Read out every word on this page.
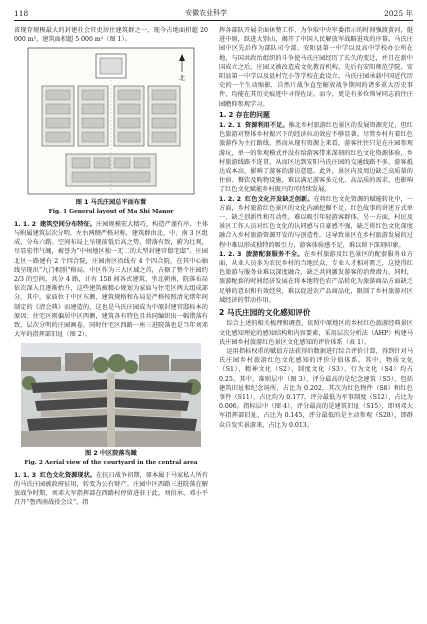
118	安徽农业科学	2025 年

省现存规模最大的封建社会官吏居住建筑群之一，现今占地面积超 20 000 m²，建筑面积超 5 000 m²（图 1）。

北
图 1 马氏庄园总平面布置
Fig. 1 General layout of Ma Shi Manor

1. 1. 2 建筑空间分布特征。庄园规模宏大精巧，构造严谨有序，主体与附属建筑层次分明，左右两侧严格对称，建筑群由北、中、南 3 区组成，分布六路。空间布局上呈现前低后高之势，错落有致，蔚为壮观，尽显宏伟气魄，被誉为“中州地区独一无二的大型封建官僚宅邸”。庄园北区一路建有 2 个四合院，庄园南区沿线有 4 个四合院，在其中心轴线呈现出“九门相照”格局。中区作为三大区域之首，占据了整个庄园约 2/3 的空间，共分 4 路，计有 158 间各式建筑，坐北朝南，院落布局依次深入且逐渐抬升，这些建筑被精心规划为家庙与住宅区两大组成部分。其中，家庙位于中区东侧，建筑规格和布局是严格按照清光绪年间制定的《清会典》而建造的，这也是马氏庄园成为中原封建官邸标本的原因；住宅区则偏居中区西侧，建筑各有特色且共同编织出一幅错落有致、层次分明的庄园画卷，同时住宅区西路一座三进院落也是当年刘邓大军的指挥部旧址（图 2）。

图 2 中区院落鸟瞰
Fig. 2 Aerial view of the courtyard in the central area

1. 1. 3 红色文化资源现状。在抗日战争初期，原本属于马家私人所有的马氏庄园被政府征用，转变为公有财产。庄园中区西路三进院落在解放战争时期，刘邓大军指挥部在西路村停留进驻于此，刘伯承、邓小平召开“鲁西南战役会议”，指

挥各部队开展全面休整工作，为争取中央军委指示的时间强渡黄河，挺进中原，跃进大别山，揭开了中国人民解放军战略进攻的序幕。马氏庄园中区先后作为部队司令部、安阳县第一中学以及高中学校办公所在地，与国共政治组织的斗争使马氏庄园经历了长久的变迁，并且在新中国成立之后，庄园又被改造成文化教育机构，先后有安阳师范学院、安阳县第一中学以及县村完小等学校在此设立。马氏庄园承载中国近代历史的一个生动缩影，自然片战争直至解放战争期间的诸多重大历史事件，均能在其历史痕迹中寻得佐证。而今，更是有多位领导同志前往庄园瞻仰参观学习。

1. 2 存在的问题

1. 2. 1 资源利用不足。推北乡村旅游红色景区的发展资源充足，但红色旅游对整体乡村振兴下的经济拉动效应不够显著。尽管乡村有着红色旅游作为主打路线，然而从现有资源上来看，游客往往只是在庄园参观游玩，单一的参观模式并没有给游客带来深刻的红色文化资源体验，乡村旅游线路不连贯，从而区达到安阳马氏庄园的交通线路不多，游客抵达成本高，影响了游客的游访意愿。此外，景区内及周边缺乏高质量的住宿、餐饮及购物设施，难以满足游客多元化、高品质的需求，也影响了红色文化赋能乡村振兴的可持续发展。

1. 2. 2 红色文化开发缺乏创新。在将红色文化资源的赋能转化中，一方面，乡村旅游红色景区的文化内涵挖掘不足，红色故事的讲述方式单一，缺乏创新性和互动性，难以吸引年轻游客群体。另一方面，村民及景区工作人员对红色文化的认同感与自豪感不强，缺乏将红色文化深度融合入乡村旅游资源开发的与创造性。这导致景区在乡村旅游发展的过程中难以形成独特的吸引力，游客体验感不足，难以留下深刻印象。

1. 2. 3 旅游配套服务不全。在乡村旅游及红色景区的配套服务业方面，从业人员多为农民乡村的当地民众，专业人才相对匮乏，这使得红色旅游与服务业难以深度融合，缺乏共同激发游客的消费潜力。同时，旅游配套的时间经济发展在将本地特色农产品转化为旅游商品方面缺乏足够的意识和有效经营，难以促进农产品商品化，限制了乡村旅游对区域经济的带动作用。

2 马氏庄园的文化感知评价

综合上述的相关梳理和调查，依照中原地区的乡村红色旅游经典景区文化感知理论的感知结构和内容要素，采用层次分析法（AHP）构建马氏庄园乡村旅游红色景区文化感知的评价体系（表 1）。

运用指标权重的赋值方法获得的数据进行综合评价计算，得到针对马氏庄园乡村旅游红色文化感知的评价分值体系，其中，物质文化（S1）、精神文化（S2）、制度文化（S3）、行为文化（S4）均占 0.25。其中，准则层中（图 3），评分最高的是纪念建筑（S5），包括建筑旧址和纪念场所，占比为 0.202，其次为红色物件（S8）和红色事件（S11），占比均为 0.177，评分最低为军事制度（S12），占比为 0.006。指标层中（图 4），评分最高的是建筑旧址（S15），即刘邓大军指挥部旧址，占比为 0.145，评分最低的是主动参观（S28），即群众自发实景游来，占比为 0.013。
